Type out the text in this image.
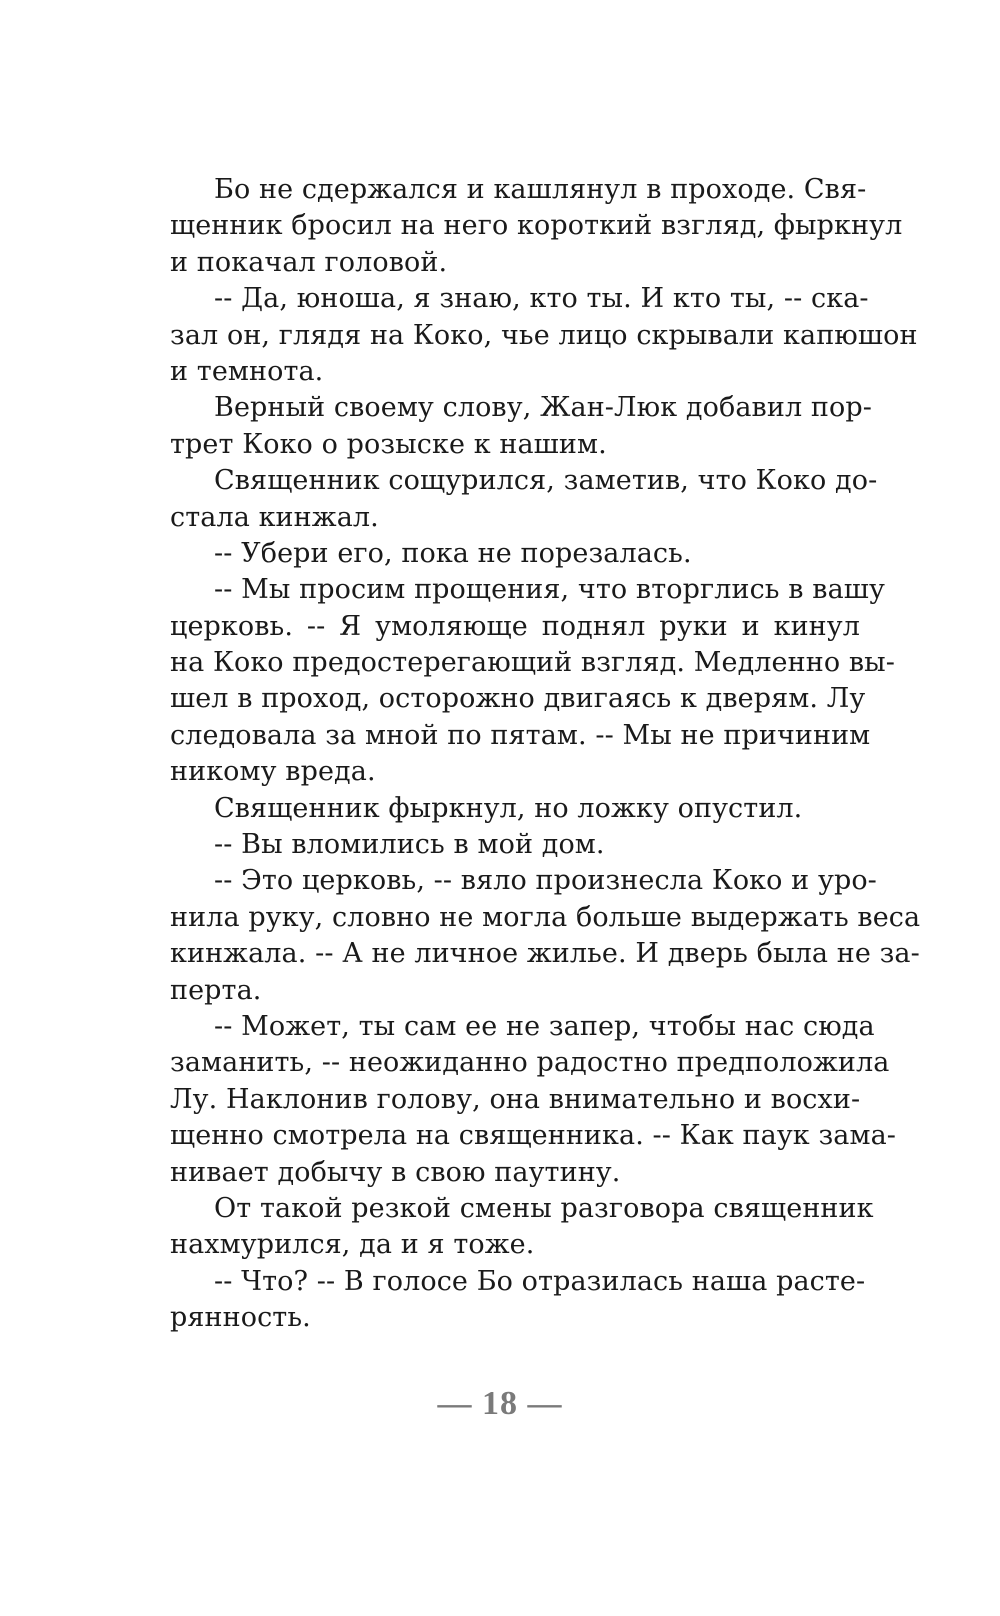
Бо не сдержался и кашлянул в проходе. Свя-
щенник бросил на него короткий взгляд, фыркнул
и покачал головой.
-- Да, юноша, я знаю, кто ты. И кто ты, -- ска-
зал он, глядя на Коко, чье лицо скрывали капюшон
и темнота.
Верный своему слову, Жан-Люк добавил пор-
трет Коко о розыске к нашим.
Священник сощурился, заметив, что Коко до-
стала кинжал.
-- Убери его, пока не порезалась.
-- Мы просим прощения, что вторглись в вашу
церковь. -- Я умоляюще поднял руки и кинул
на Коко предостерегающий взгляд. Медленно вы-
шел в проход, осторожно двигаясь к дверям. Лу
следовала за мной по пятам. -- Мы не причиним
никому вреда.
Священник фыркнул, но ложку опустил.
-- Вы вломились в мой дом.
-- Это церковь, -- вяло произнесла Коко и уро-
нила руку, словно не могла больше выдержать веса
кинжала. -- А не личное жилье. И дверь была не за-
перта.
-- Может, ты сам ее не запер, чтобы нас сюда
заманить, -- неожиданно радостно предположила
Лу. Наклонив голову, она внимательно и восхи-
щенно смотрела на священника. -- Как паук зама-
нивает добычу в свою паутину.
От такой резкой смены разговора священник
нахмурился, да и я тоже.
-- Что? -- В голосе Бо отразилась наша расте-
рянность.
— 18 —
